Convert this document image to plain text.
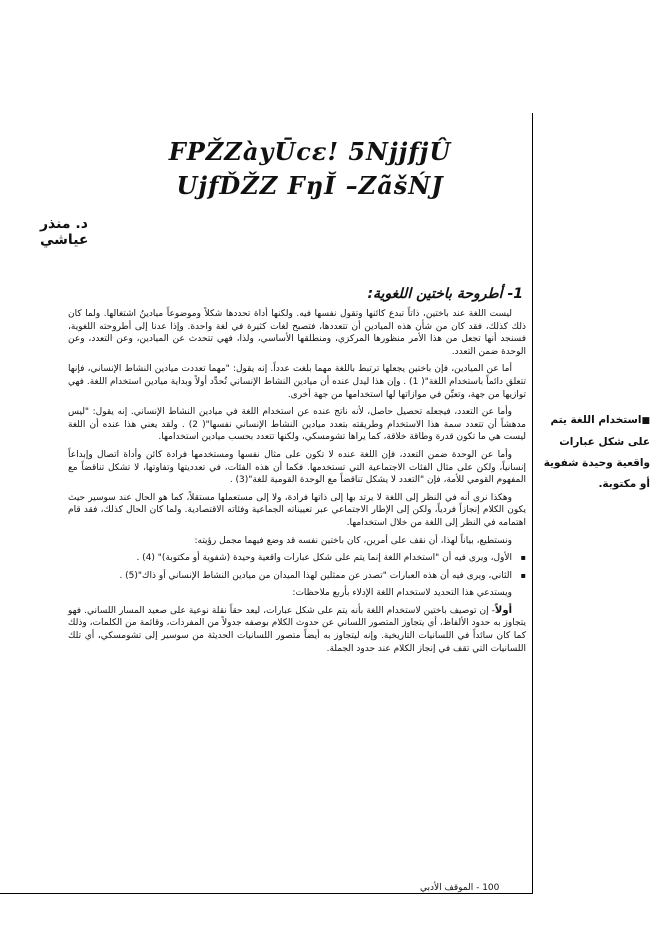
FPŽZàyŪcε! 5NjjfjÛ
UjfĎŽZ FŋĬ –ZãšŃJ
د. منذر عياشي
1- أطروحة باختين اللغوية:

ليست اللغة عند باختين، ذاتاً تبدع كائنها وتقول نفسها فيه. ولكنها أداة تحددها شكلاً وموضوعاً ميادينُ اشتغالها. ولما كان ذلك كذلك، فقد كان من شأن هذه الميادين أن تتعددها، فتصبح لغات كثيرة في لغة واحدة. وإذا عدنا إلى أطروحته اللغوية، فسنجد أنها تجعل من هذا الأمر منظورها المركزي، ومنطلقها الأساسي، ولذا، فهي تتحدث عن الميادين، وعن التعدد، وعن الوحدة ضمن التعدد.

أما عن الميادين، فإن باختين يجعلها ترتبط باللغة مهما بلغت عدداً. إنه يقول: "مهما تعددت ميادين النشاط الإنساني، فإنها تتعلق دائماً باستخدام اللغة"( 1) . وإن هذا ليدل عنده أن ميادين النشاط الإنساني تُحدِّد أولاً وبداية ميادين استخدام اللغة. فهي توازيها من جهة، وتعيِّن في موازاتها لها استخدامها من جهة أخرى.

وأما عن التعدد، فيجعله تحصيل حاصل، لأنه ناتج عنده عن استخدام اللغة في ميادين النشاط الإنساني. إنه يقول: "ليس مدهشاً أن تتعدد سمة هذا الاستخدام وطريقته بتعدد ميادين النشاط الإنساني نفسها"( 2) . ولقد يعني هذا عنده أن اللغة ليست هي ما تكون قدرة وطاقة خلاقة، كما يراها تشومسكي، ولكنها تتعدد بحسب ميادين استخدامها.

وأما عن الوحدة ضمن التعدد، فإن اللغة عنده لا تكون على مثال نفسها ومستخدمها فرادة كائن وأداة اتصال وإبداعاً إنسانياً، ولكن على مثال الفئات الاجتماعية التي تستخدمها. فكما أن هذه الفئات، في تعدديتها وتفاوتها، لا تشكل تناقضاً مع المفهوم القومي للأمة، فإن "التعدد لا يشكل تناقضاً مع الوحدة القومية للغة"(3) .

وهكذا نرى أنه في النظر إلى اللغة لا يرتد بها إلى ذاتها فرادة، ولا إلى مستعملها مستقلاً، كما هو الحال عند سوسير حيث يكون الكلام إنجازاً فردياً، ولكن إلى الإطار الاجتماعي عبر تعييناته الجماعية وفئاته الاقتصادية. ولما كان الحال كذلك، فقد قام اهتمامه في النظر إلى اللغة من خلال استخدامها.

ونستطيع، بياناً لهذا، أن نقف على أمرين، كان باختين نفسه قد وضع فيهما مجمل رؤيته:

▪ الأول، ويرى فيه أن "استخدام اللغة إنما يتم على شكل عبارات واقعية وحيدة (شفوية أو مكتوبة)" (4) .

▪ الثاني، ويرى فيه أن هذه العبارات "تصدر عن ممثلين لهذا الميدان من ميادين النشاط الإنساني أو ذاك"(5) .

ويستدعي هذا التحديد لاستخدام اللغة الإدلاء بأربع ملاحظات:

أولاً- إن توصيف باختين لاستخدام اللغة بأنه يتم على شكل عبارات، ليعد حقاً نقلة نوعية على صعيد المسار اللساني. فهو يتجاوز به حدود الألفاظ، أي يتجاوز المتصور اللساني عن حدوث الكلام بوصفه جدولاً من المفردات، وقائمة من الكلمات، وذلك كما كان سائداً في اللسانيات التاريخية. وإنه ليتجاوز به أيضاً متصور اللسانيات الحديثة من سوسير إلى تشومسكي، أي تلك اللسانيات التي تقف في إنجاز الكلام عند حدود الجملة.

■استخدام اللغة يتم على شكل عبارات واقعية وحيدة شفوية أو مكتوبة.
100 - الموقف الأدبي
